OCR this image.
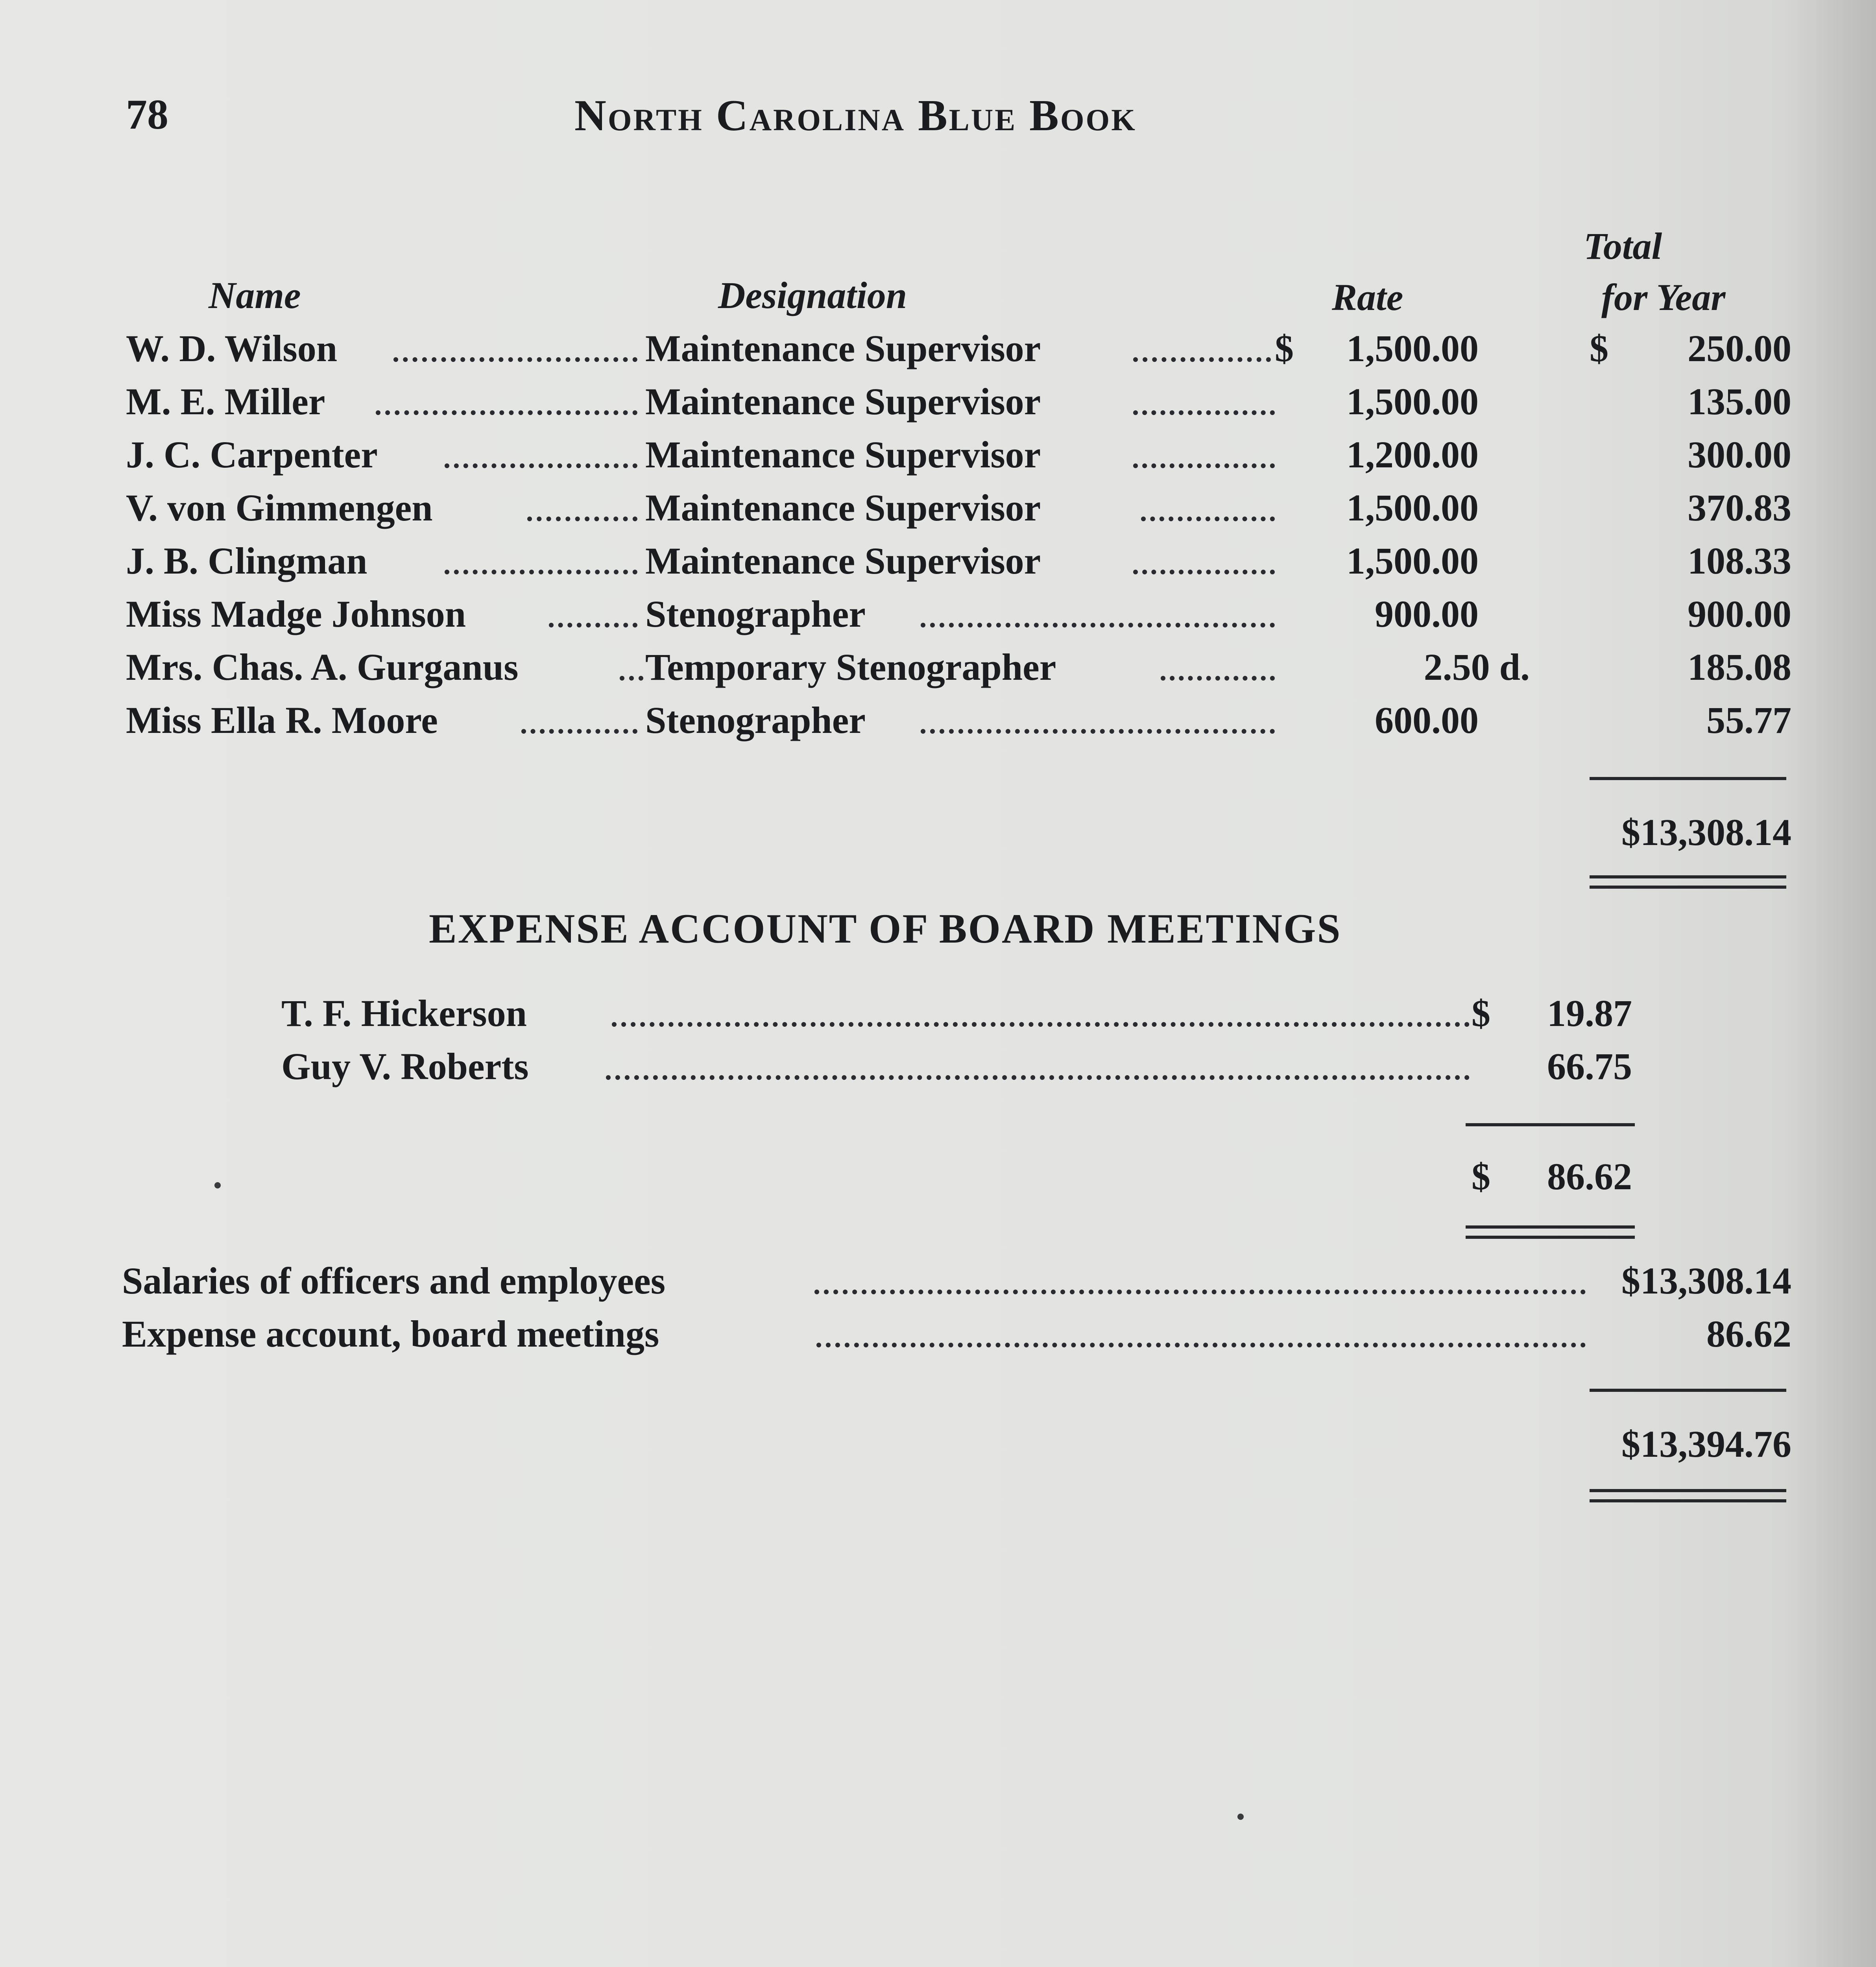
78	North Carolina Blue Book
Name	Designation	Rate
Total
for Year
W. D. Wilson	Maintenance Supervisor	$ 1,500.00	$ 250.00
M. E. Miller	Maintenance Supervisor	1,500.00	135.00
J. C. Carpenter	Maintenance Supervisor	1,200.00	300.00
V. von Gimmengen	Maintenance Supervisor	1,500.00	370.83
J. B. Clingman	Maintenance Supervisor	1,500.00	108.33
Miss Madge Johnson	Stenographer	900.00	900.00
Mrs. Chas. A. Gurganus	Temporary Stenographer	2.50 d.	185.08
Miss Ella R. Moore	Stenographer	600.00	55.77
$13,308.14
EXPENSE ACCOUNT OF BOARD MEETINGS
T. F. Hickerson	$ 19.87
Guy V. Roberts	66.75
$ 86.62
Salaries of officers and employees	$13,308.14
Expense account, board meetings	86.62
$13,394.76
